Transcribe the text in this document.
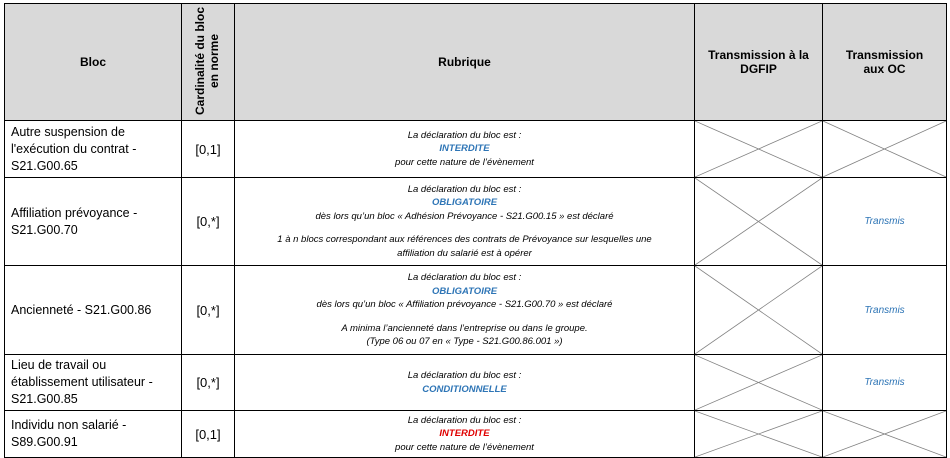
Bloc	Cardinalité du bloc en norme	Rubrique	Transmission à la DGFIP	Transmission aux OC
Autre suspension de l'exécution du contrat - S21.G00.65	[0,1]	La déclaration du bloc est :
INTERDITE
pour cette nature de l’évènement

Affiliation prévoyance - S21.G00.70	[0,*]	La déclaration du bloc est :
OBLIGATOIRE
dès lors qu’un bloc « Adhésion Prévoyance - S21.G00.15 » est déclaré
1 à n blocs correspondant aux références des contrats de Prévoyance sur lesquelles une
affiliation du salarié est à opérer		Transmis
Ancienneté - S21.G00.86	[0,*]	La déclaration du bloc est :
OBLIGATOIRE
dès lors qu’un bloc « Affiliation prévoyance - S21.G00.70 » est déclaré
A minima l’ancienneté dans l’entreprise ou dans le groupe.
(Type 06 ou 07 en « Type - S21.G00.86.001 »)		Transmis
Lieu de travail ou établissement utilisateur - S21.G00.85	[0,*]	La déclaration du bloc est :
CONDITIONNELLE		Transmis
Individu non salarié - S89.G00.91	[0,1]	La déclaration du bloc est :
INTERDITE
pour cette nature de l’évènement
